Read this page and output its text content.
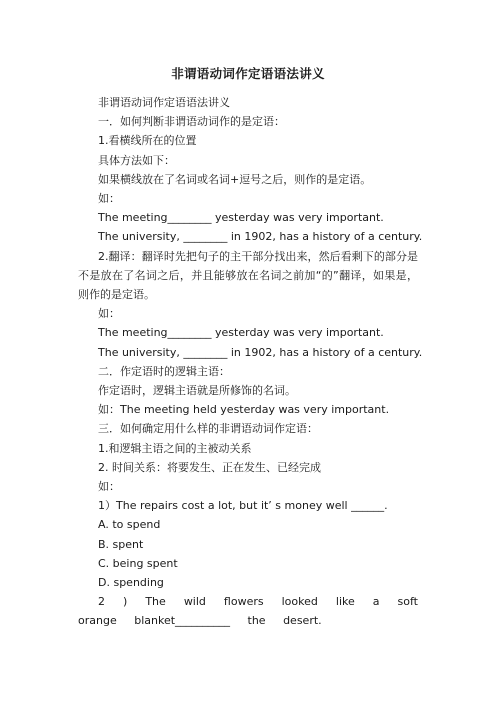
非谓语动词作定语语法讲义

非谓语动词作定语语法讲义

一．如何判断非谓语动词作的是定语：

1.看横线所在的位置

具体方法如下：

如果横线放在了名词或名词+逗号之后，则作的是定语。

如：

The meeting________ yesterday was very important.

The university, ________ in 1902, has a history of a century.

2.翻译：翻译时先把句子的主干部分找出来，然后看剩下的部分是不是放在了名词之后，并且能够放在名词之前加“的”翻译，如果是，则作的是定语。

如：

The meeting________ yesterday was very important.

The university, ________ in 1902, has a history of a century.

二．作定语时的逻辑主语：

作定语时，逻辑主语就是所修饰的名词。

如：The meeting held yesterday was very important.

三．如何确定用什么样的非谓语动词作定语：

1.和逻辑主语之间的主被动关系

2. 时间关系：将要发生、正在发生、已经完成

如：

1）The repairs cost a lot, but it’ s money well ______.

A. to spend

B. spent

C. being spent

D. spending

2 ) The wild flowers looked like a soft orange blanket__________ the desert.
